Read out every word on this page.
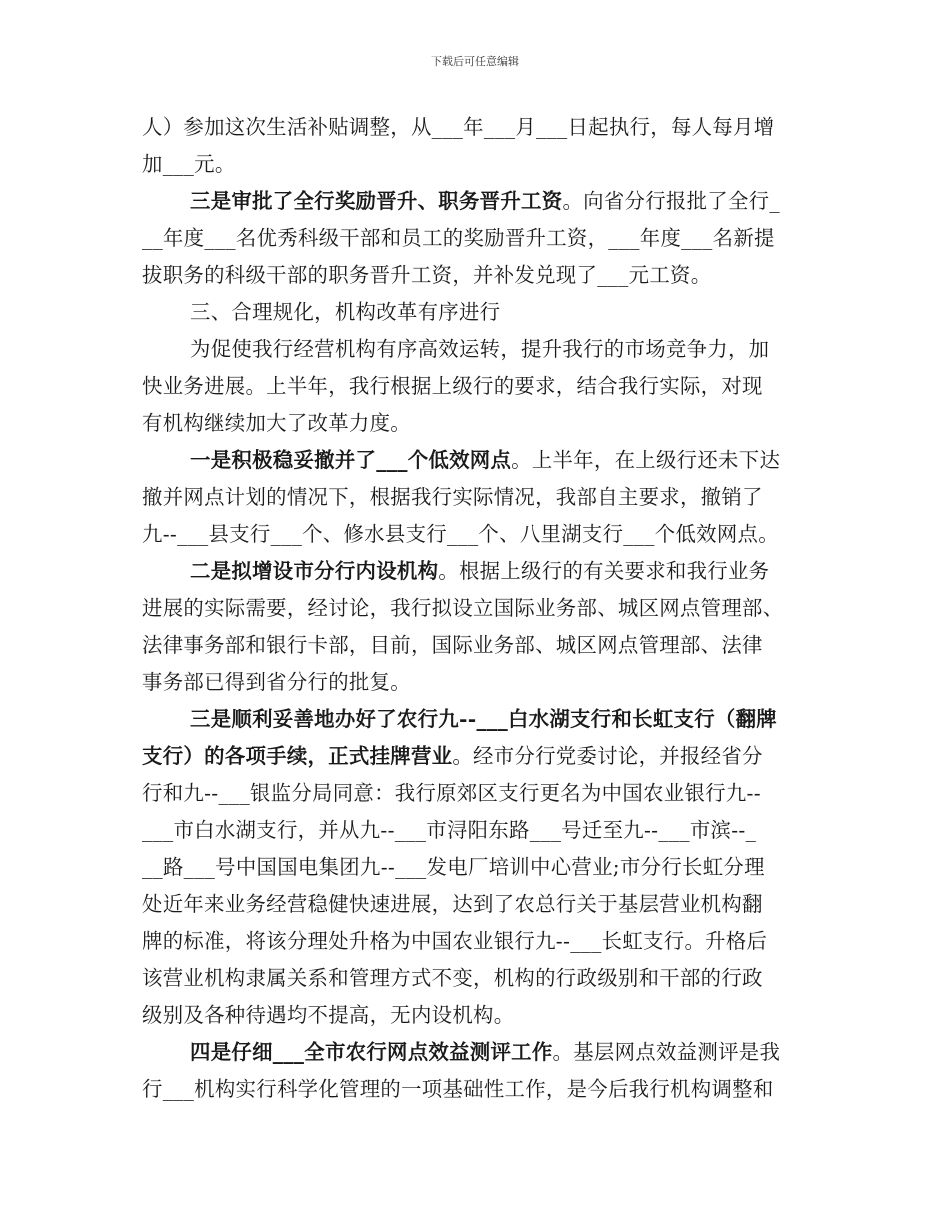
下载后可任意编辑
人）参加这次生活补贴调整，从___年___月___日起执行，每人每月增
加___元。
三是审批了全行奖励晋升、职务晋升工资。向省分行报批了全行_
__年度___名优秀科级干部和员工的奖励晋升工资，___年度___名新提
拔职务的科级干部的职务晋升工资，并补发兑现了___元工资。
三、合理规化，机构改革有序进行
为促使我行经营机构有序高效运转，提升我行的市场竞争力，加
快业务进展。上半年，我行根据上级行的要求，结合我行实际，对现
有机构继续加大了改革力度。
一是积极稳妥撤并了___个低效网点。上半年，在上级行还未下达
撤并网点计划的情况下，根据我行实际情况，我部自主要求，撤销了
九--___县支行___个、修水县支行___个、八里湖支行___个低效网点。
二是拟增设市分行内设机构。根据上级行的有关要求和我行业务
进展的实际需要，经讨论，我行拟设立国际业务部、城区网点管理部、
法律事务部和银行卡部，目前，国际业务部、城区网点管理部、法律
事务部已得到省分行的批复。
三是顺利妥善地办好了农行九--___白水湖支行和长虹支行（翻牌
支行）的各项手续，正式挂牌营业。经市分行党委讨论，并报经省分
行和九--___银监分局同意：我行原郊区支行更名为中国农业银行九--
___市白水湖支行，并从九--___市浔阳东路___号迁至九--___市滨--_
__路___号中国国电集团九--___发电厂培训中心营业;市分行长虹分理
处近年来业务经营稳健快速进展，达到了农总行关于基层营业机构翻
牌的标准，将该分理处升格为中国农业银行九--___长虹支行。升格后
该营业机构隶属关系和管理方式不变，机构的行政级别和干部的行政
级别及各种待遇均不提高，无内设机构。
四是仔细___全市农行网点效益测评工作。基层网点效益测评是我
行___机构实行科学化管理的一项基础性工作，是今后我行机构调整和
